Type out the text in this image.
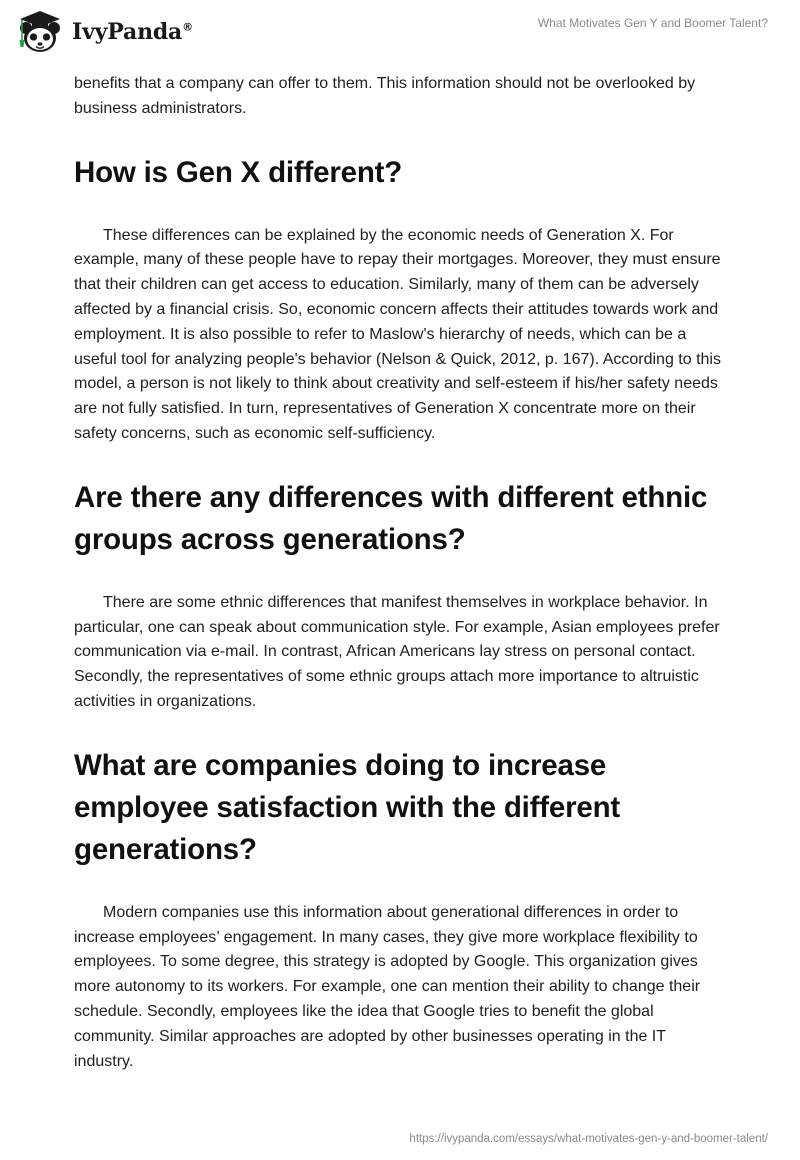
IvyPanda®	What Motivates Gen Y and Boomer Talent?

benefits that a company can offer to them. This information should not be overlooked by business administrators.

How is Gen X different?

These differences can be explained by the economic needs of Generation X. For example, many of these people have to repay their mortgages. Moreover, they must ensure that their children can get access to education. Similarly, many of them can be adversely affected by a financial crisis. So, economic concern affects their attitudes towards work and employment. It is also possible to refer to Maslow's hierarchy of needs, which can be a useful tool for analyzing people's behavior (Nelson & Quick, 2012, p. 167). According to this model, a person is not likely to think about creativity and self-esteem if his/her safety needs are not fully satisfied. In turn, representatives of Generation X concentrate more on their safety concerns, such as economic self-sufficiency.

Are there any differences with different ethnic groups across generations?

There are some ethnic differences that manifest themselves in workplace behavior. In particular, one can speak about communication style. For example, Asian employees prefer communication via e-mail. In contrast, African Americans lay stress on personal contact. Secondly, the representatives of some ethnic groups attach more importance to altruistic activities in organizations.

What are companies doing to increase employee satisfaction with the different generations?

Modern companies use this information about generational differences in order to increase employees’ engagement. In many cases, they give more workplace flexibility to employees. To some degree, this strategy is adopted by Google. This organization gives more autonomy to its workers. For example, one can mention their ability to change their schedule. Secondly, employees like the idea that Google tries to benefit the global community. Similar approaches are adopted by other businesses operating in the IT industry.

https://ivypanda.com/essays/what-motivates-gen-y-and-boomer-talent/
